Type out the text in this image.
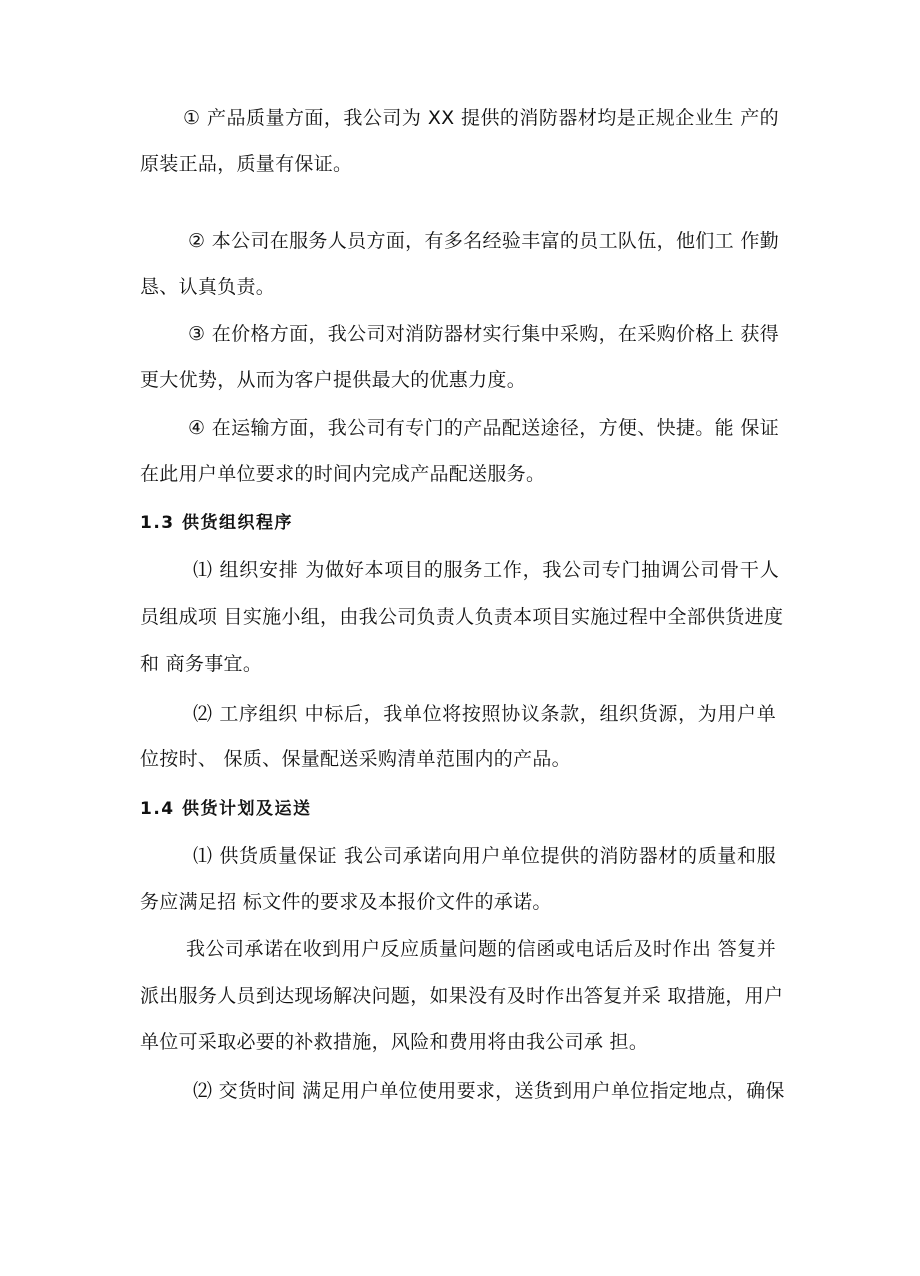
① 产品质量方面，我公司为 XX 提供的消防器材均是正规企业生 产的
原装正品，质量有保证。
② 本公司在服务人员方面，有多名经验丰富的员工队伍，他们工 作勤
恳、认真负责。
③ 在价格方面，我公司对消防器材实行集中采购，在采购价格上 获得
更大优势，从而为客户提供最大的优惠力度。
④ 在运输方面，我公司有专门的产品配送途径，方便、快捷。能 保证
在此用户单位要求的时间内完成产品配送服务。
1.3 供货组织程序
⑴ 组织安排 为做好本项目的服务工作，我公司专门抽调公司骨干人
员组成项 目实施小组，由我公司负责人负责本项目实施过程中全部供货进度
和 商务事宜。
⑵ 工序组织 中标后，我单位将按照协议条款，组织货源，为用户单
位按时、 保质、保量配送采购清单范围内的产品。
1.4 供货计划及运送
⑴ 供货质量保证 我公司承诺向用户单位提供的消防器材的质量和服
务应满足招 标文件的要求及本报价文件的承诺。
我公司承诺在收到用户反应质量问题的信函或电话后及时作出 答复并
派出服务人员到达现场解决问题，如果没有及时作出答复并采 取措施，用户
单位可采取必要的补救措施，风险和费用将由我公司承 担。
⑵ 交货时间 满足用户单位使用要求，送货到用户单位指定地点，确保
